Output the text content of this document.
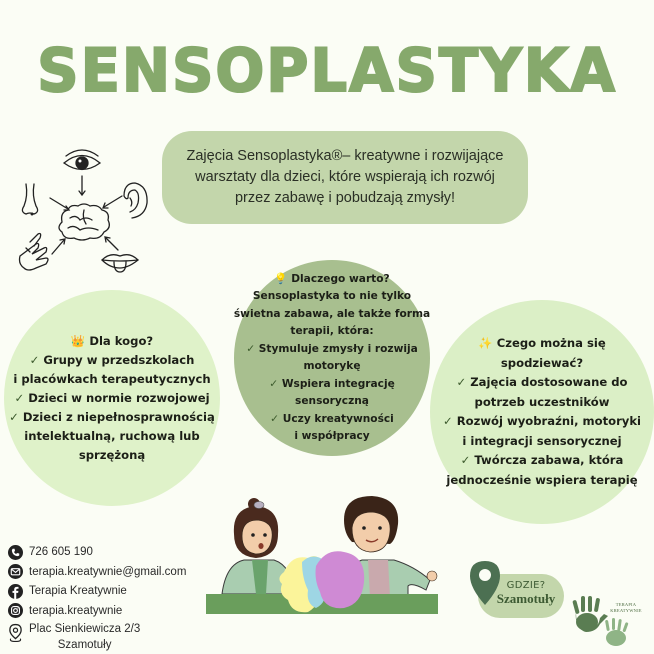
SENSOPLASTYKA
Zajęcia Sensoplastyka®– kreatywne i rozwijające warsztaty dla dzieci, które wspierają ich rozwój przez zabawę i pobudzają zmysły!
👑 Dla kogo?
✓ Grupy w przedszkolach
i placówkach terapeutycznych
✓ Dzieci w normie rozwojowej
✓ Dzieci z niepełnosprawnością
intelektualną, ruchową lub
sprzężoną
💡 Dlaczego warto?
Sensoplastyka to nie tylko
świetna zabawa, ale także forma
terapii, która:
✓ Stymuluje zmysły i rozwija
motorykę
✓ Wspiera integrację
sensoryczną
✓ Uczy kreatywności
i współpracy
✨ Czego można się
spodziewać?
✓ Zajęcia dostosowane do
potrzeb uczestników
✓ Rozwój wyobraźni, motoryki
i integracji sensorycznej
✓ Twórcza zabawa, która
jednocześnie wspiera terapię
726 605 190
terapia.kreatywnie@gmail.com
Terapia Kreatywnie
terapia.kreatywnie
Plac Sienkiewicza 2/3
Szamotuły
GDZIE?
Szamotuły	TERAPIA
KREATYWNIE
